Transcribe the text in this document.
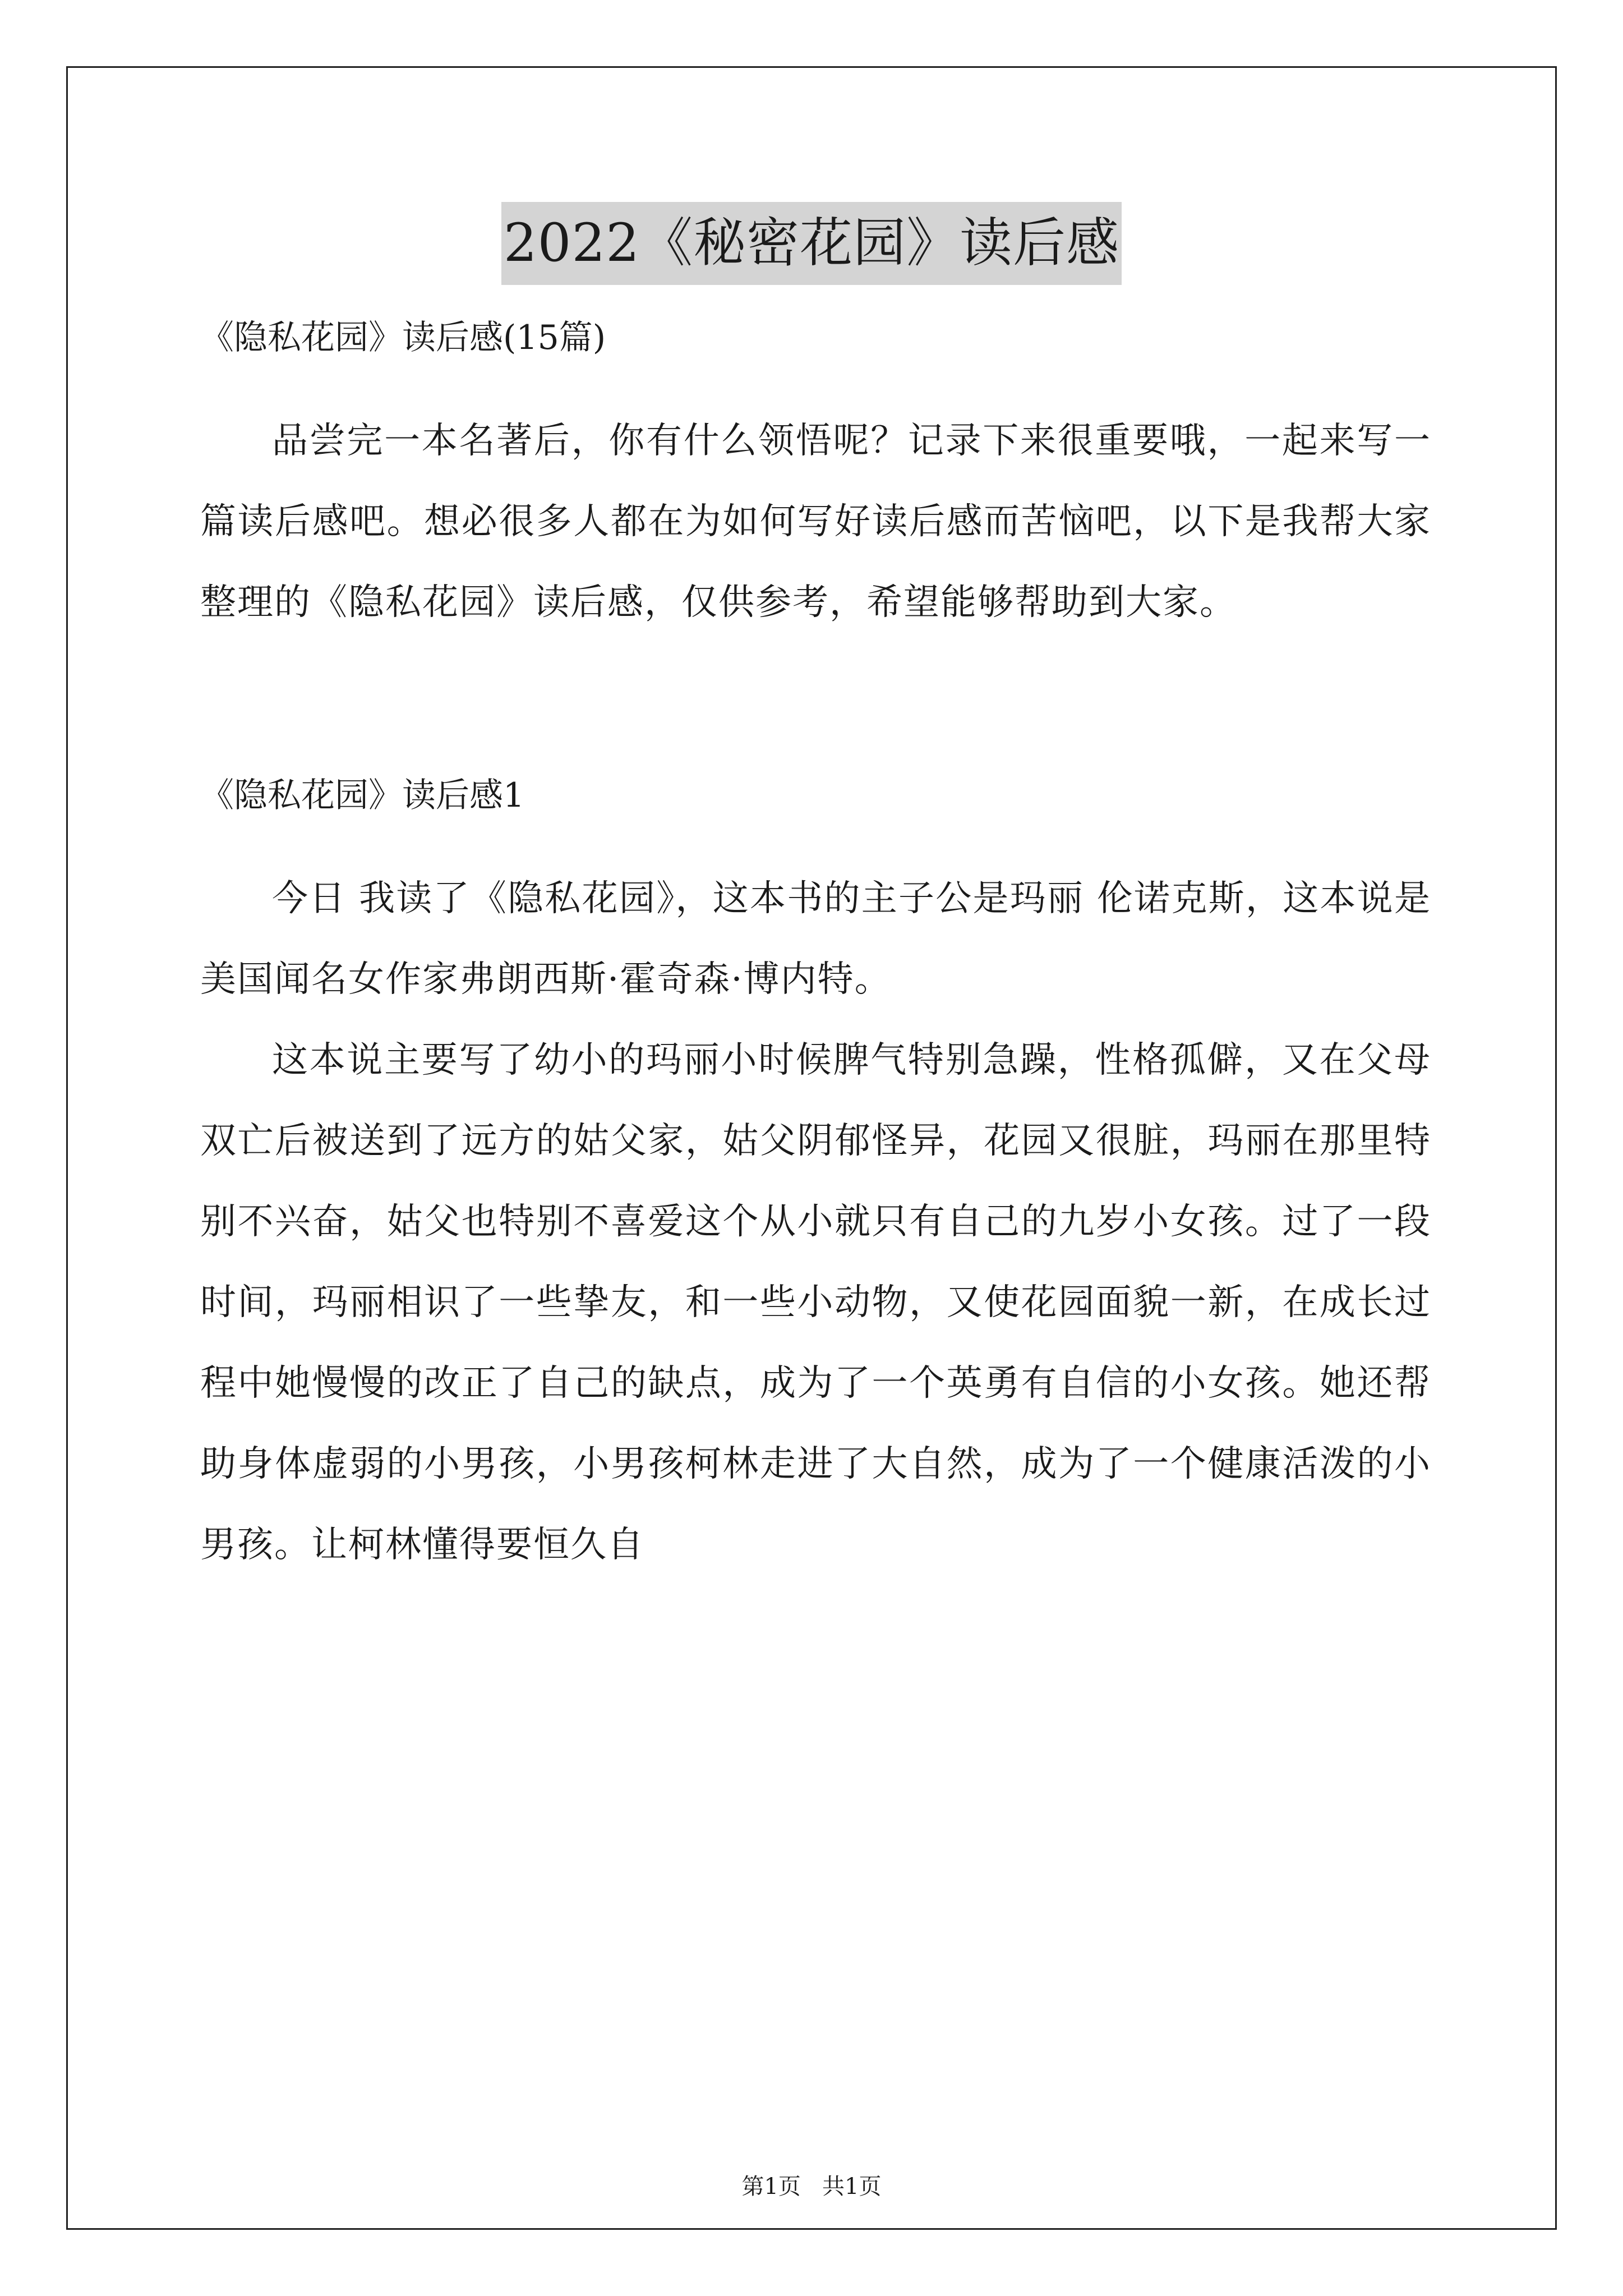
2022《秘密花园》读后感

《隐私花园》读后感(15篇)

品尝完一本名著后，你有什么领悟呢？记录下来很重要哦，一起来写一篇读后感吧。想必很多人都在为如何写好读后感而苦恼吧，以下是我帮大家整理的《隐私花园》读后感，仅供参考，希望能够帮助到大家。

《隐私花园》读后感1

今日 我读了《隐私花园》，这本书的主子公是玛丽 伦诺克斯，这本说是美国闻名女作家弗朗西斯·霍奇森·博内特。

这本说主要写了幼小的玛丽小时候脾气特别急躁，性格孤僻，又在父母双亡后被送到了远方的姑父家，姑父阴郁怪异，花园又很脏，玛丽在那里特别不兴奋，姑父也特别不喜爱这个从小就只有自己的九岁小女孩。过了一段时间，玛丽相识了一些挚友，和一些小动物，又使花园面貌一新，在成长过程中她慢慢的改正了自己的缺点，成为了一个英勇有自信的小女孩。她还帮助身体虚弱的小男孩，小男孩柯林走进了大自然，成为了一个健康活泼的小男孩。让柯林懂得要恒久自

第1页   共1页
